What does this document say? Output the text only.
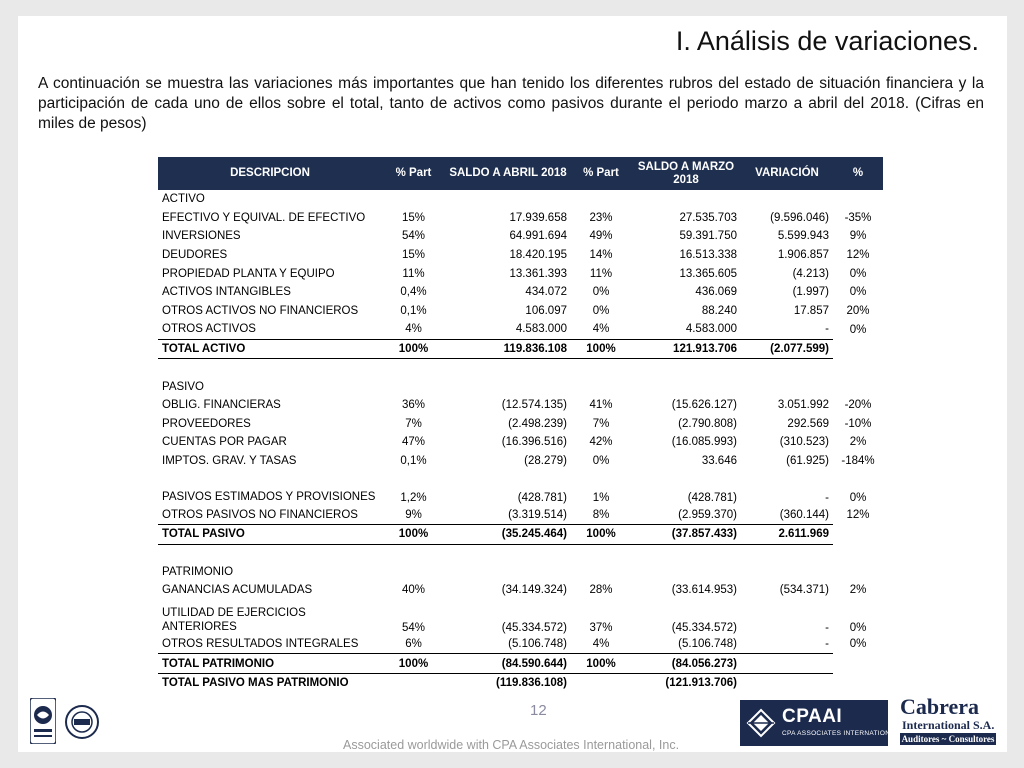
I. Análisis de variaciones.
A continuación se muestra las variaciones más importantes que han tenido los diferentes rubros del estado de situación financiera y la participación de cada uno de ellos sobre el total, tanto de activos como pasivos durante el periodo marzo a abril del 2018. (Cifras en miles de pesos)
DESCRIPCION	% Part	SALDO A ABRIL 2018	% Part	SALDO A MARZO 2018	VARIACIÓN	%
ACTIVO						
EFECTIVO Y EQUIVAL. DE EFECTIVO	15%	17.939.658	23%	27.535.703	(9.596.046)	-35%
INVERSIONES	54%	64.991.694	49%	59.391.750	5.599.943	9%
DEUDORES	15%	18.420.195	14%	16.513.338	1.906.857	12%
PROPIEDAD PLANTA Y EQUIPO	11%	13.361.393	11%	13.365.605	(4.213)	0%
ACTIVOS INTANGIBLES	0,4%	434.072	0%	436.069	(1.997)	0%
OTROS ACTIVOS NO FINANCIEROS	0,1%	106.097	0%	88.240	17.857	20%
OTROS ACTIVOS	4%	4.583.000	4%	4.583.000	-	0%
TOTAL ACTIVO	100%	119.836.108	100%	121.913.706	(2.077.599)	

PASIVO						
OBLIG. FINANCIERAS	36%	(12.574.135)	41%	(15.626.127)	3.051.992	-20%
PROVEEDORES	7%	(2.498.239)	7%	(2.790.808)	292.569	-10%
CUENTAS POR PAGAR	47%	(16.396.516)	42%	(16.085.993)	(310.523)	2%
IMPTOS. GRAV. Y TASAS	0,1%	(28.279)	0%	33.646	(61.925)	-184%
PASIVOS ESTIMADOS Y PROVISIONES	1,2%	(428.781)	1%	(428.781)	-	0%
OTROS PASIVOS NO FINANCIEROS	9%	(3.319.514)	8%	(2.959.370)	(360.144)	12%
TOTAL PASIVO	100%	(35.245.464)	100%	(37.857.433)	2.611.969	

PATRIMONIO						
GANANCIAS ACUMULADAS	40%	(34.149.324)	28%	(33.614.953)	(534.371)	2%
UTILIDAD DE EJERCICIOS ANTERIORES	54%	(45.334.572)	37%	(45.334.572)	-	0%
OTROS RESULTADOS INTEGRALES	6%	(5.106.748)	4%	(5.106.748)	-	0%
TOTAL PATRIMONIO	100%	(84.590.644)	100%	(84.056.273)		
TOTAL PASIVO MAS PATRIMONIO		(119.836.108)		(121.913.706)		
12
Associated worldwide with CPA Associates International, Inc.
CPAAI
CPA ASSOCIATES INTERNATIONAL
Cabrera
International S.A.
Auditores ~ Consultores
